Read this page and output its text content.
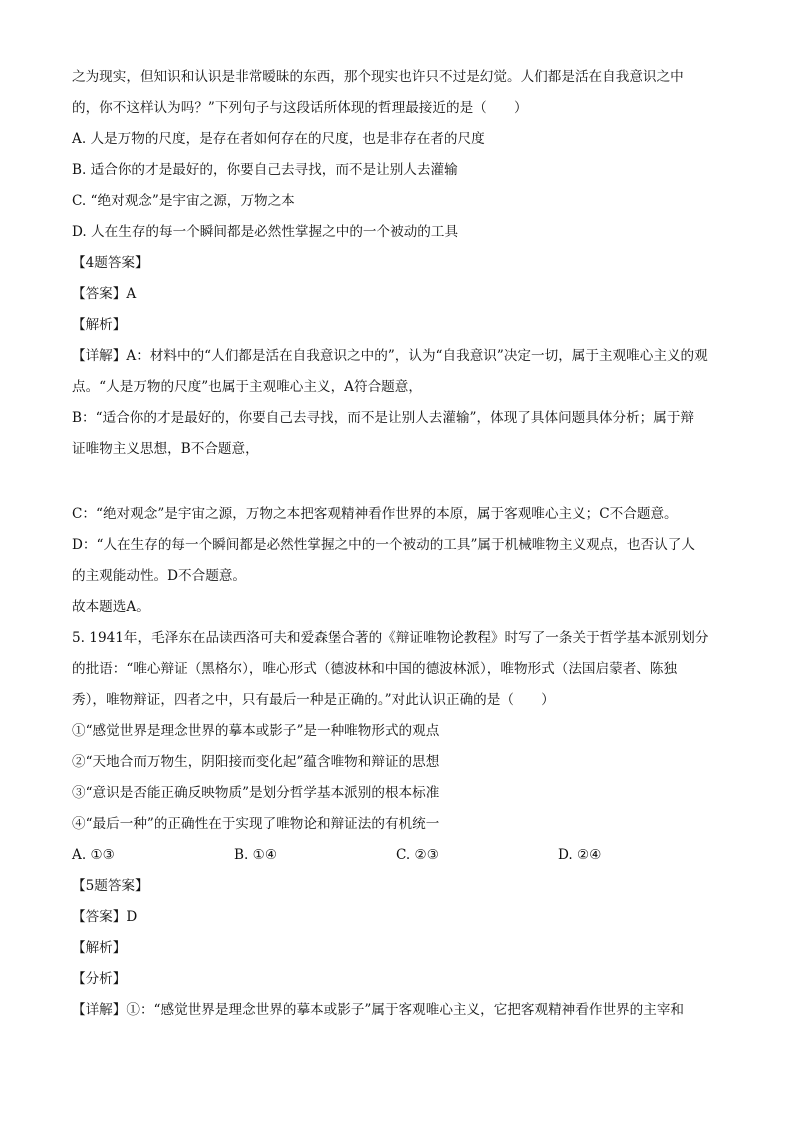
之为现实，但知识和认识是非常暧昧的东西，那个现实也许只不过是幻觉。人们都是活在自我意识之中
的，你不这样认为吗？”下列句子与这段话所体现的哲理最接近的是（　　）
A. 人是万物的尺度，是存在者如何存在的尺度，也是非存在者的尺度
B. 适合你的才是最好的，你要自己去寻找，而不是让别人去灌输
C. “绝对观念”是宇宙之源，万物之本
D. 人在生存的每一个瞬间都是必然性掌握之中的一个被动的工具
【4题答案】
【答案】A
【解析】
【详解】A：材料中的“人们都是活在自我意识之中的”，认为“自我意识”决定一切，属于主观唯心主义的观
点。“人是万物的尺度”也属于主观唯心主义，A符合题意，
B：“适合你的才是最好的，你要自己去寻找，而不是让别人去灌输”，体现了具体问题具体分析；属于辩
证唯物主义思想，B不合题意，
C：“绝对观念”是宇宙之源，万物之本把客观精神看作世界的本原，属于客观唯心主义；C不合题意。
D：“人在生存的每一个瞬间都是必然性掌握之中的一个被动的工具”属于机械唯物主义观点，也否认了人
的主观能动性。D不合题意。
故本题选A。
5. 1941年，毛泽东在品读西洛可夫和爱森堡合著的《辩证唯物论教程》时写了一条关于哲学基本派别划分
的批语：“唯心辩证（黑格尔），唯心形式（德波林和中国的德波林派），唯物形式（法国启蒙者、陈独
秀），唯物辩证，四者之中，只有最后一种是正确的。”对此认识正确的是（　　）
①“感觉世界是理念世界的摹本或影子”是一种唯物形式的观点
②“天地合而万物生，阴阳接而变化起”蕴含唯物和辩证的思想
③“意识是否能正确反映物质”是划分哲学基本派别的根本标准
④“最后一种”的正确性在于实现了唯物论和辩证法的有机统一
A. ①③	B. ①④	C. ②③	D. ②④
【5题答案】
【答案】D
【解析】
【分析】
【详解】①：“感觉世界是理念世界的摹本或影子”属于客观唯心主义，它把客观精神看作世界的主宰和
